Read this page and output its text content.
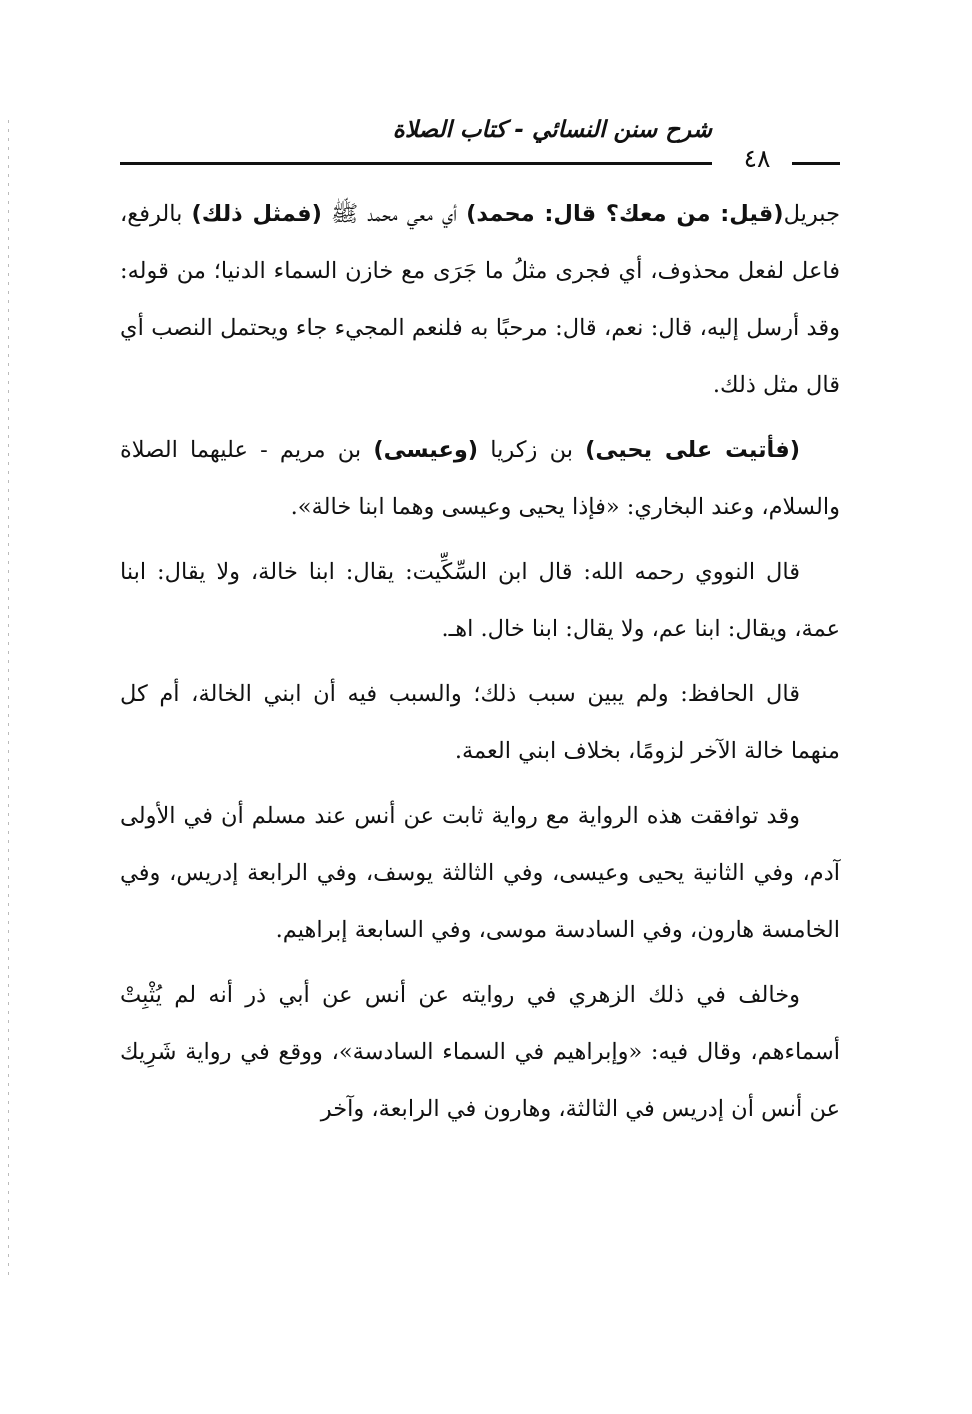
شرح سنن النسائي - كتاب الصلاة
٤٨

جبريل(قيل: من معك؟ قال: محمد) أي معي محمد ﷺ (فمثل ذلك) بالرفع، فاعل لفعل محذوف، أي فجرى مثلُ ما جَرَى مع خازن السماء الدنيا؛ من قوله: وقد أرسل إليه، قال: نعم، قال: مرحبًا به فلنعم المجيء جاء ويحتمل النصب أي قال مثل ذلك.

(فأتيت على يحيى) بن زكريا (وعيسى) بن مريم - عليهما الصلاة والسلام، وعند البخاري: «فإذا يحيى وعيسى وهما ابنا خالة».

قال النووي رحمه الله: قال ابن السِّكِّيت: يقال: ابنا خالة، ولا يقال: ابنا عمة، ويقال: ابنا عم، ولا يقال: ابنا خال. اهـ.

قال الحافظ: ولم يبين سبب ذلك؛ والسبب فيه أن ابني الخالة، أم كل منهما خالة الآخر لزومًا، بخلاف ابني العمة.

وقد توافقت هذه الرواية مع رواية ثابت عن أنس عند مسلم أن في الأولى آدم، وفي الثانية يحيى وعيسى، وفي الثالثة يوسف، وفي الرابعة إدريس، وفي الخامسة هارون، وفي السادسة موسى، وفي السابعة إبراهيم.

وخالف في ذلك الزهري في روايته عن أنس عن أبي ذر أنه لم يُثْبِتْ أسماءهم، وقال فيه: «وإبراهيم في السماء السادسة»، ووقع في رواية شَرِيك عن أنس أن إدريس في الثالثة، وهارون في الرابعة، وآخر
